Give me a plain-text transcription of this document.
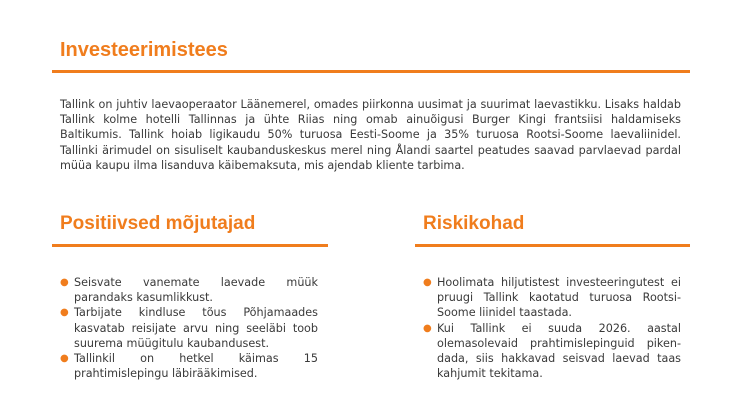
Investeerimistees

Tallink on juhtiv laevaoperaator Läänemerel, omades piirkonna uusimat ja suurimat laevastikku. Lisaks haldab Tallink kolme hotelli Tallinnas ja ühte Riias ning omab ainuõigusi Burger Kingi frantsiisi haldamiseks Baltikumis. Tallink hoiab ligikaudu 50% turuosa Eesti-Soome ja 35% turuosa Rootsi-Soome laevaliinidel. Tallinki ärimudel on sisuliselt kaubanduskeskus merel ning Ålandi saartel peatudes saavad parvlaevad pardal müüa kaupu ilma lisanduva käibemaksuta, mis ajendab kliente tarbima.

Positiivsed mõjutajad
● Seisvate vanemate laevade müük parandaks kasumlikkust.
● Tarbijate kindluse tõus Põhjamaades kasvatab reisijate arvu ning seeläbi toob suurema müügitulu kaubandusest.
● Tallinkil on hetkel käimas 15 prahtimislepingu läbirääkimised.
Riskikohad
● Hoolimata hiljutistest investeeringutest ei pruugi Tallink kaotatud turuosa Rootsi-Soome liinidel taastada.
● Kui Tallink ei suuda 2026. aastal olemasolevaid prahtimislepinguid piken-dada, siis hakkavad seisvad laevad taas kahjumit tekitama.
